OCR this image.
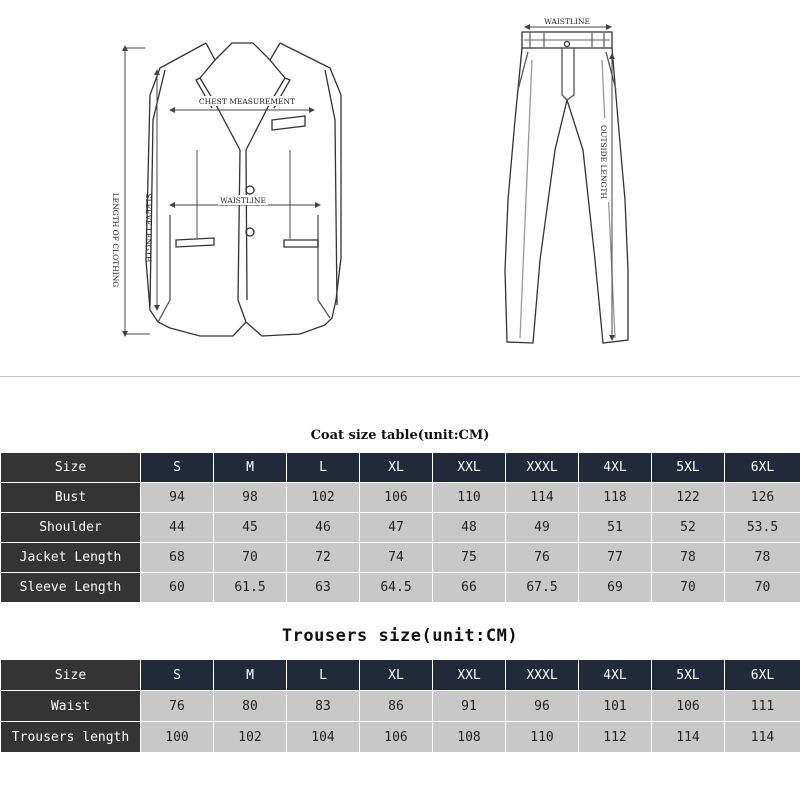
CHEST MEASUREMENT
WAISTLINE
SLEEVE LENGTH
LENGTH OF CLOTHING
WAISTLINE
OUTSIDE LENGTH
Coat size table(unit:CM)
Size	S	M	L	XL	XXL	XXXL	4XL	5XL	6XL
Bust	94	98	102	106	110	114	118	122	126
Shoulder	44	45	46	47	48	49	51	52	53.5
Jacket Length	68	70	72	74	75	76	77	78	78
Sleeve Length	60	61.5	63	64.5	66	67.5	69	70	70
Trousers size(unit:CM)
Size	S	M	L	XL	XXL	XXXL	4XL	5XL	6XL
Waist	76	80	83	86	91	96	101	106	111
Trousers length	100	102	104	106	108	110	112	114	114
